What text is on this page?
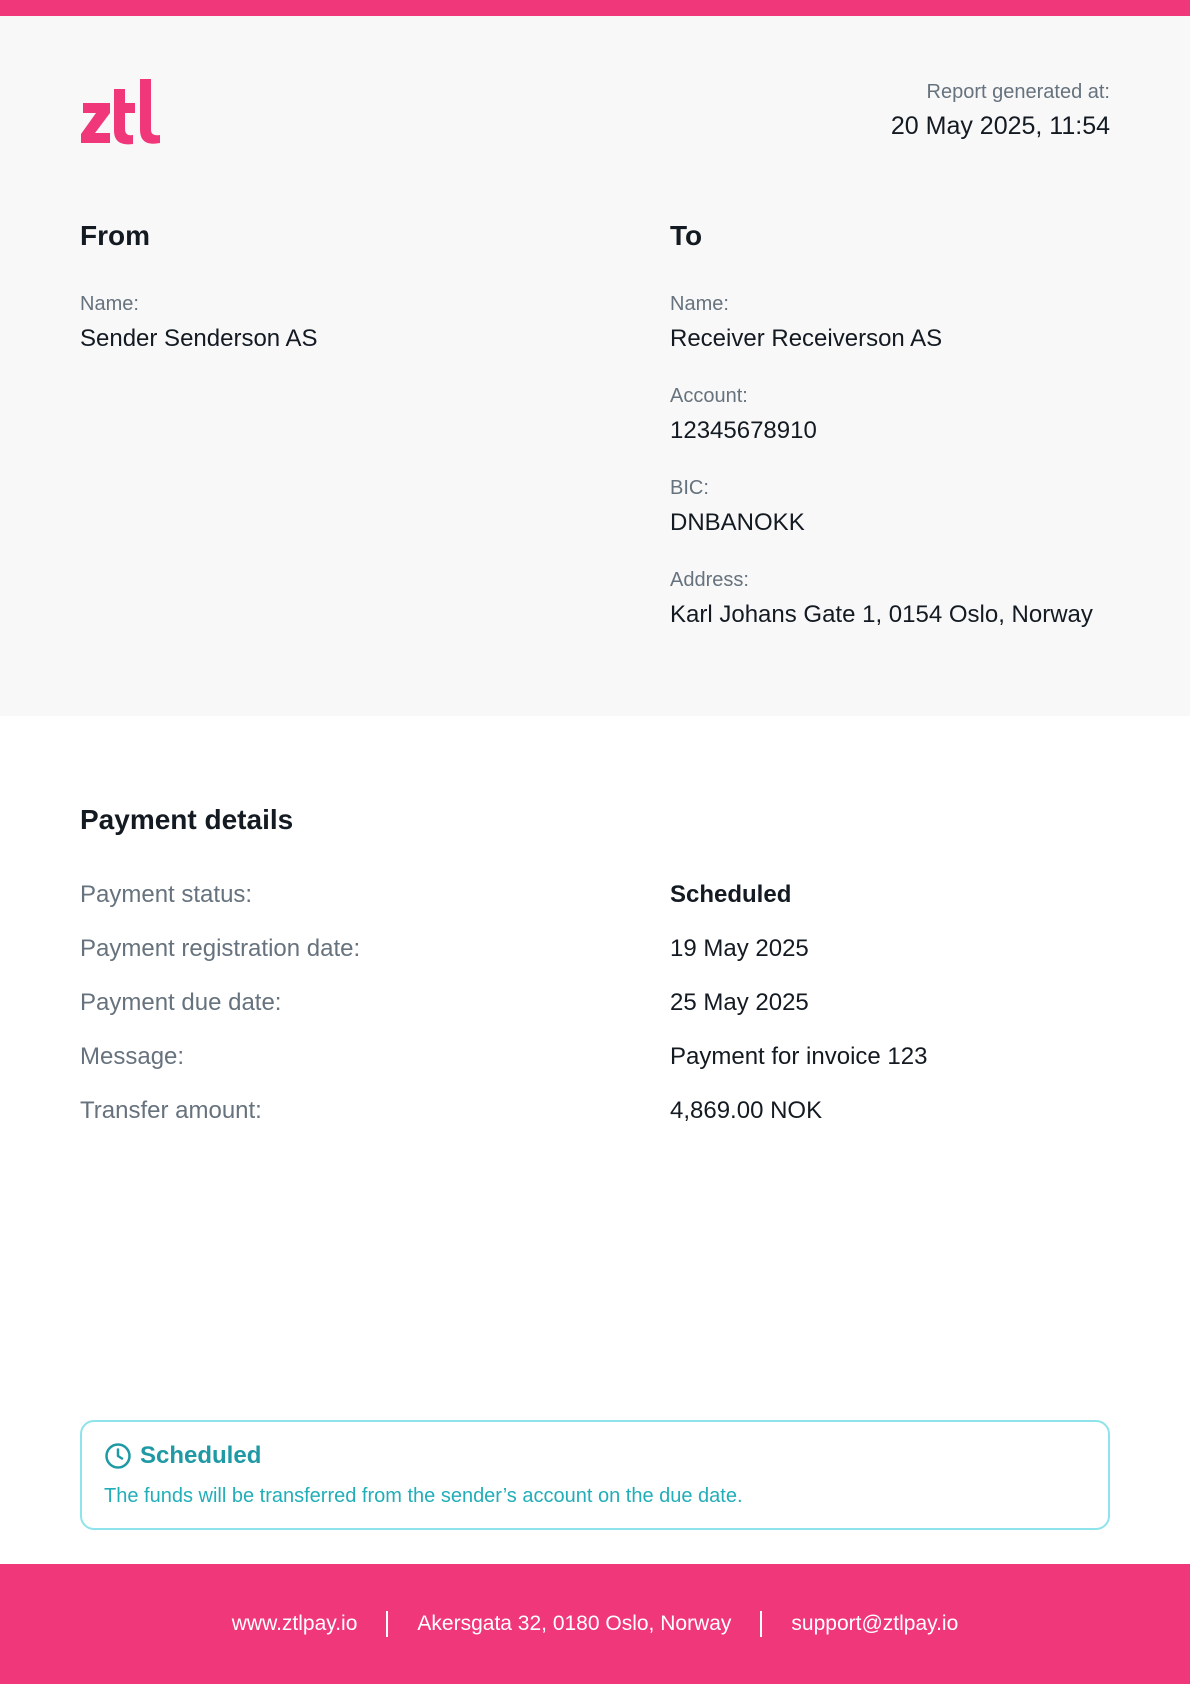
Report generated at:
20 May 2025, 11:54
From
Name:
Sender Senderson AS
To
Name:
Receiver Receiverson AS
Account:
12345678910
BIC:
DNBANOKK
Address:
Karl Johans Gate 1, 0154 Oslo, Norway
Payment details
Payment status:	Scheduled
Payment registration date:	19 May 2025
Payment due date:	25 May 2025
Message:	Payment for invoice 123
Transfer amount:	4,869.00 NOK
Scheduled
The funds will be transferred from the sender’s account on the due date.
www.ztlpay.io	Akersgata 32, 0180 Oslo, Norway	support@ztlpay.io
